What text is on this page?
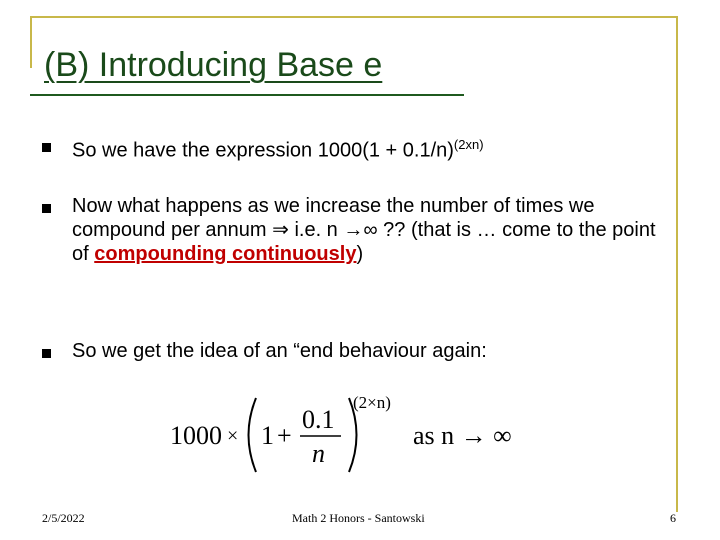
(B) Introducing Base e
So we have the expression $1000(1 + 0.1/n)^{(2xn)}$
Now what happens as we increase the number of times we compound per annum ⇒ i.e. n →∞ ?? (that is … come to the point of compounding continuously)
So we get the idea of an “end behaviour again:
1000 × 1 +
0.1
n
(2×n)
as n → ∞
2/5/2022	Math 2 Honors - Santowski	6
